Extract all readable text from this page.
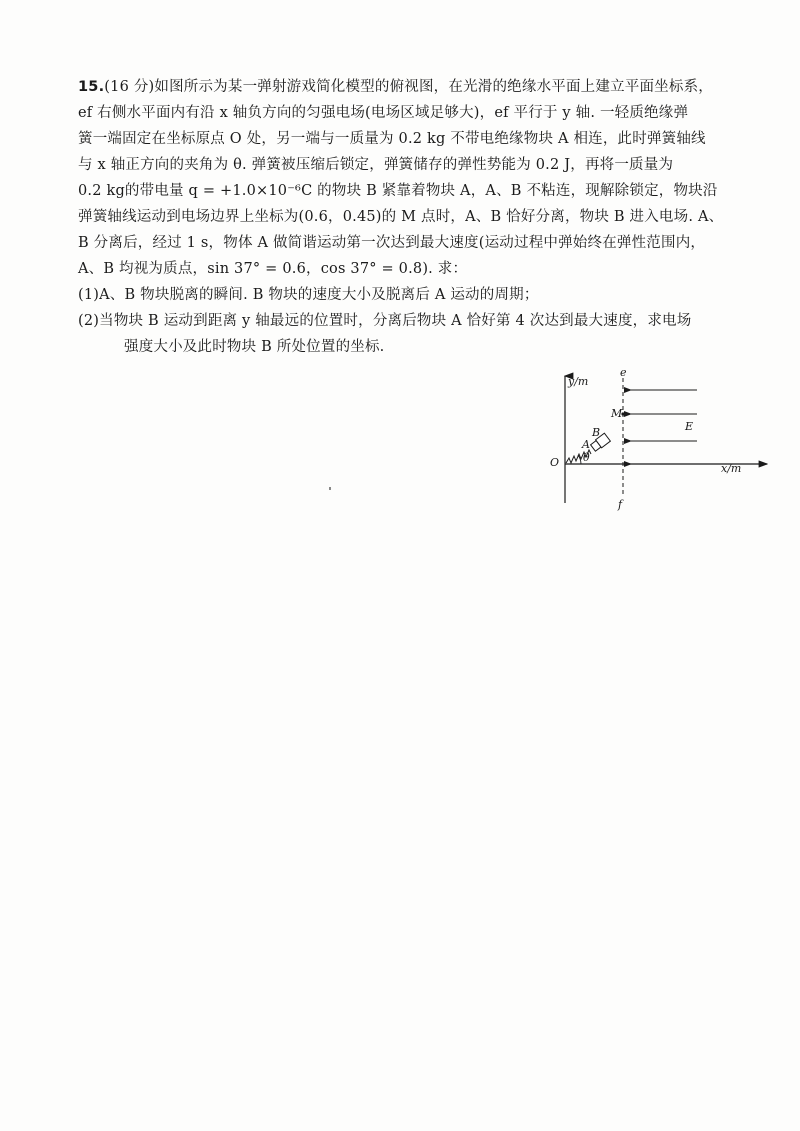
15.(16 分)如图所示为某一弹射游戏简化模型的俯视图，在光滑的绝缘水平面上建立平面坐标系，

ef 右侧水平面内有沿 x 轴负方向的匀强电场(电场区域足够大)，ef 平行于 y 轴. 一轻质绝缘弹

簧一端固定在坐标原点 O 处，另一端与一质量为 0.2 kg 不带电绝缘物块 A 相连，此时弹簧轴线

与 x 轴正方向的夹角为 θ. 弹簧被压缩后锁定，弹簧储存的弹性势能为 0.2 J，再将一质量为

0.2 kg的带电量 q = +1.0×10⁻⁶C 的物块 B 紧靠着物块 A，A、B 不粘连，现解除锁定，物块沿

弹簧轴线运动到电场边界上坐标为(0.6，0.45)的 M 点时，A、B 恰好分离，物块 B 进入电场. A、

B 分离后，经过 1 s，物体 A 做简谐运动第一次达到最大速度(运动过程中弹始终在弹性范围内，

A、B 均视为质点，sin 37° = 0.6，cos 37° = 0.8). 求：

(1)A、B 物块脱离的瞬间. B 物块的速度大小及脱离后 A 运动的周期；

(2)当物块 B 运动到距离 y 轴最远的位置时，分离后物块 A 恰好第 4 次达到最大速度，求电场

强度大小及此时物块 B 所处位置的坐标.

y/m
x/m
O
e
f
E
M
A
B
θ
